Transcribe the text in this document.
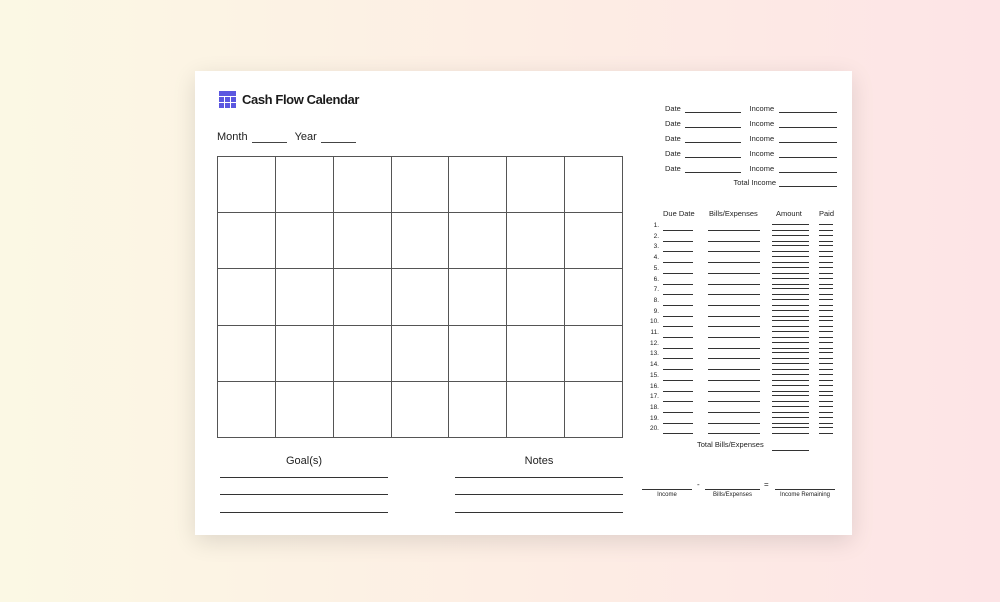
Cash Flow Calendar
Month	Year
Goal(s)	Notes
Date	Income
Date	Income
Date	Income
Date	Income
Date	Income
Total Income
Due Date Bills/Expenses Amount Paid
1.
2.
3.
4.
5.
6.
7.
8.
9.
10.
11.
12.
13.
14.
15.
16.
17.
18.
19.
20.
Total Bills/Expenses
-	=
Income	Bills/Expenses	Income Remaining
